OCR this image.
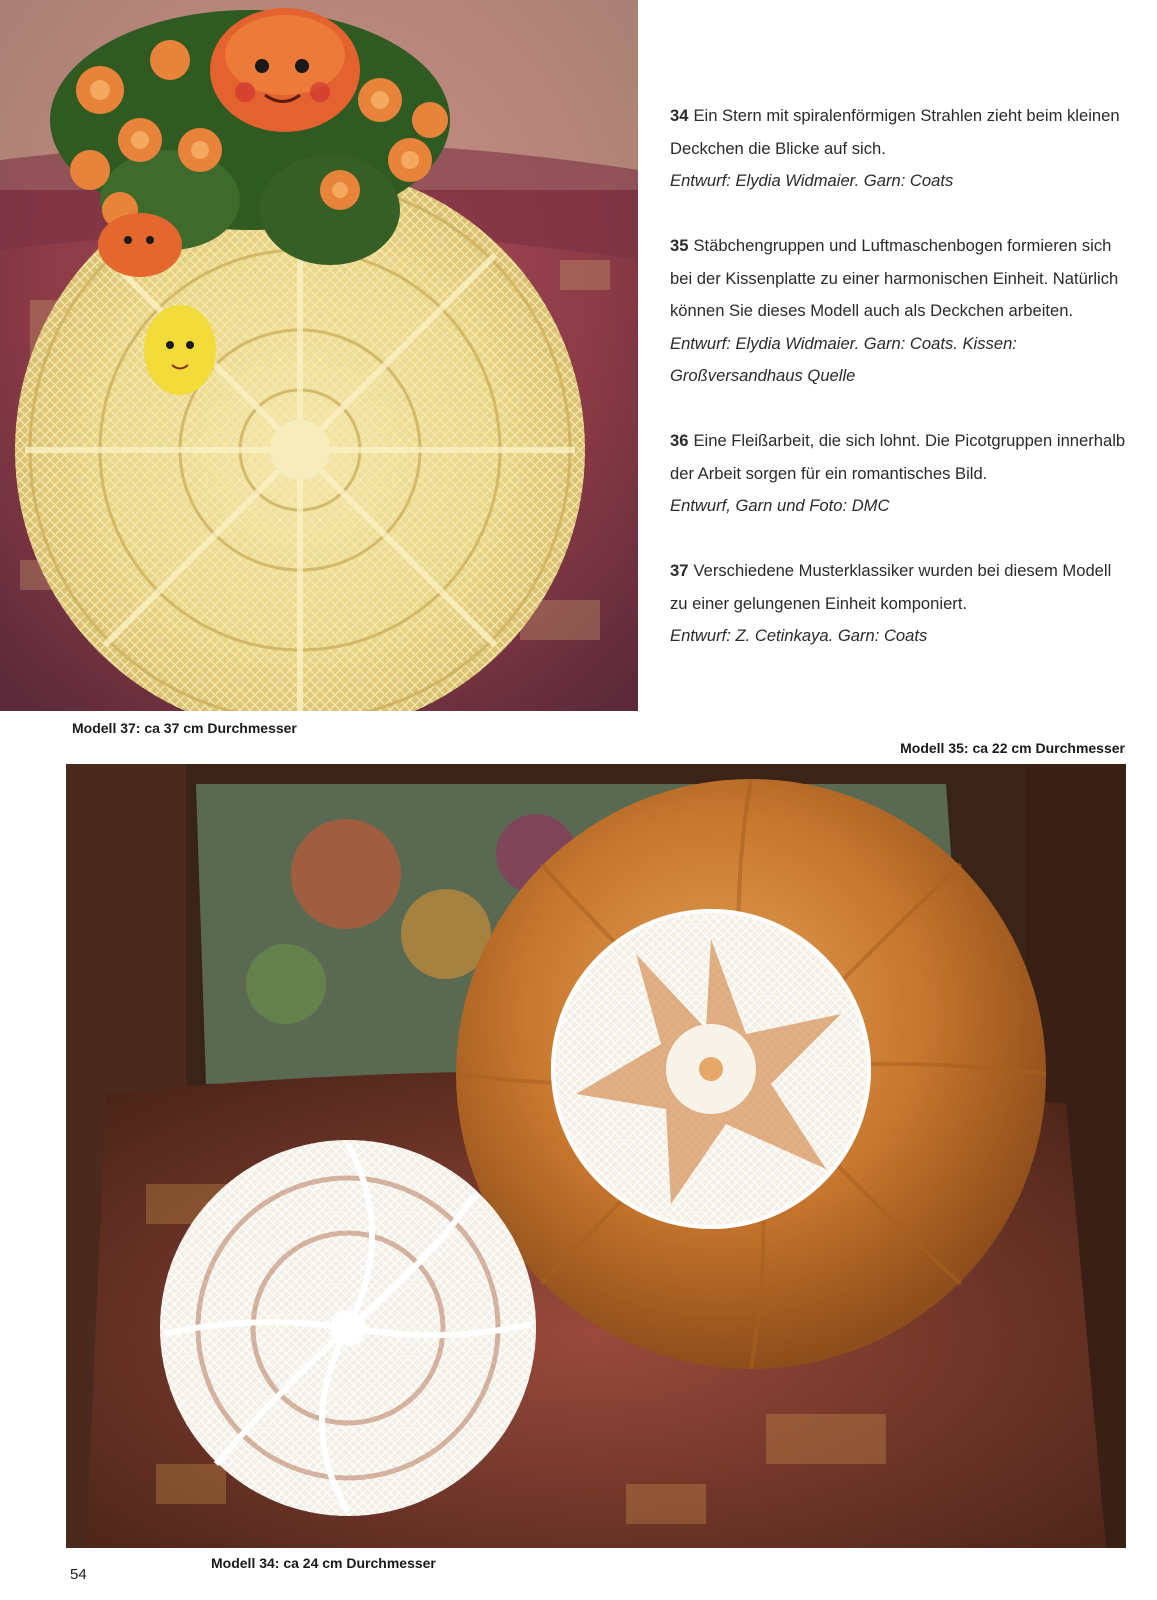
34 Ein Stern mit spiralenförmigen Strahlen zieht beim kleinen Deckchen die Blicke auf sich.
Entwurf: Elydia Widmaier. Garn: Coats
35 Stäbchengruppen und Luftmaschenbogen formieren sich bei der Kissenplatte zu einer harmonischen Einheit. Natürlich können Sie dieses Modell auch als Deckchen arbeiten. Entwurf: Elydia Widmaier. Garn: Coats. Kissen: Großversandhaus Quelle
36 Eine Fleißarbeit, die sich lohnt. Die Picotgruppen innerhalb der Arbeit sorgen für ein romantisches Bild.
Entwurf, Garn und Foto: DMC
37 Verschiedene Musterklassiker wurden bei diesem Modell zu einer gelungenen Einheit komponiert.
Entwurf: Z. Cetinkaya. Garn: Coats
Modell 37: ca 37 cm Durchmesser
Modell 35: ca 22 cm Durchmesser
54
Modell 34: ca 24 cm Durchmesser
